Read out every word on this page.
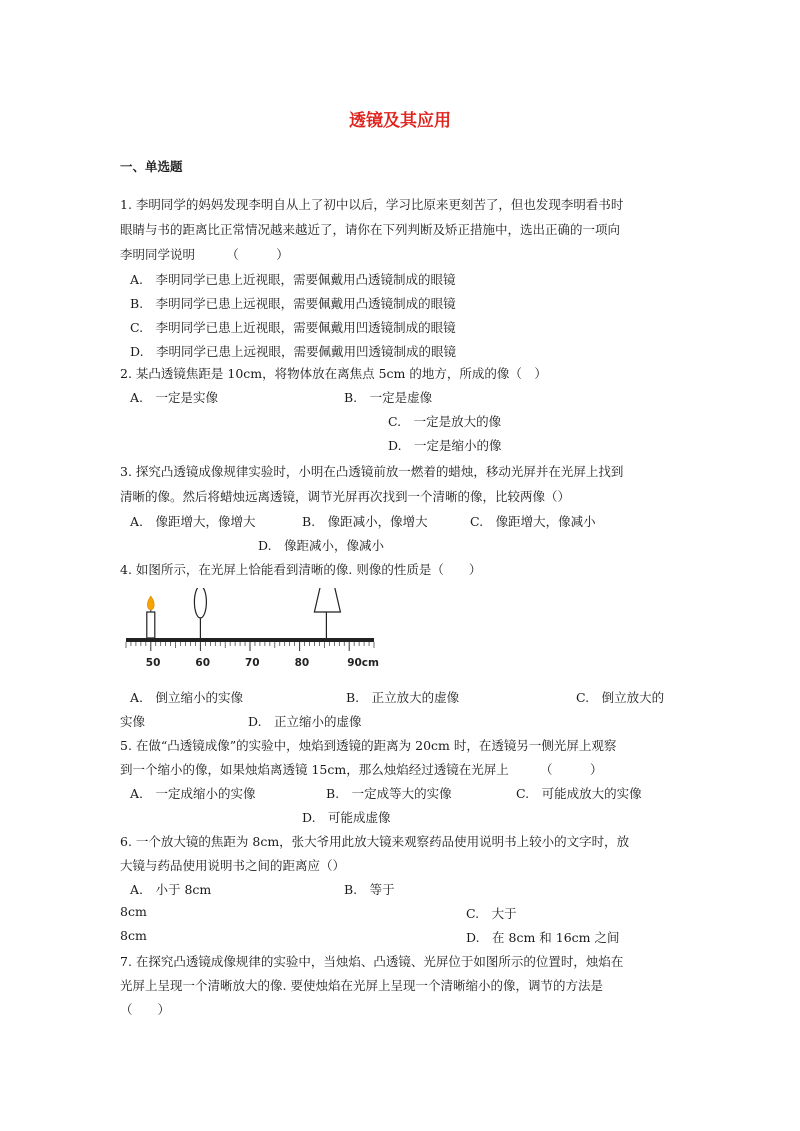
透镜及其应用
一、单选题
1. 李明同学的妈妈发现李明自从上了初中以后，学习比原来更刻苦了，但也发现李明看书时
眼睛与书的距离比正常情况越来越近了，请你在下列判断及矫正措施中，选出正确的一项向
李明同学说明　　　（　　　）
A.　李明同学已患上近视眼，需要佩戴用凸透镜制成的眼镜
B.　李明同学已患上远视眼，需要佩戴用凸透镜制成的眼镜
C.　李明同学已患上近视眼，需要佩戴用凹透镜制成的眼镜
D.　李明同学已患上远视眼，需要佩戴用凹透镜制成的眼镜
2. 某凸透镜焦距是 10cm，将物体放在离焦点 5cm 的地方，所成的像（　）
A.　一定是实像	B.　一定是虚像
C.　一定是放大的像
D.　一定是缩小的像
3. 探究凸透镜成像规律实验时，小明在凸透镜前放一燃着的蜡烛，移动光屏并在光屏上找到
清晰的像。然后将蜡烛远离透镜，调节光屏再次找到一个清晰的像，比较两像（）
A.　像距增大，像增大	B.　像距减小，像增大	C.　像距增大，像减小
D.　像距减小，像减小
4. 如图所示，在光屏上恰能看到清晰的像. 则像的性质是（　　）
50	60	70	80	90cm
A.　倒立缩小的实像	B.　正立放大的虚像	C.　倒立放大的
实像	D.　正立缩小的虚像
5. 在做“凸透镜成像”的实验中，烛焰到透镜的距离为 20cm 时，在透镜另一侧光屏上观察
到一个缩小的像，如果烛焰离透镜 15cm，那么烛焰经过透镜在光屏上　　　（　　　）
A.　一定成缩小的实像	B.　一定成等大的实像	C.　可能成放大的实像
D.　可能成虚像
6. 一个放大镜的焦距为 8cm，张大爷用此放大镜来观察药品使用说明书上较小的文字时，放
大镜与药品使用说明书之间的距离应（）
A.　小于 8cm	B.　等于
8cm	C.　大于
8cm	D.　在 8cm 和 16cm 之间
7. 在探究凸透镜成像规律的实验中，当烛焰、凸透镜、光屏位于如图所示的位置时，烛焰在
光屏上呈现一个清晰放大的像. 要使烛焰在光屏上呈现一个清晰缩小的像，调节的方法是
（　　）
